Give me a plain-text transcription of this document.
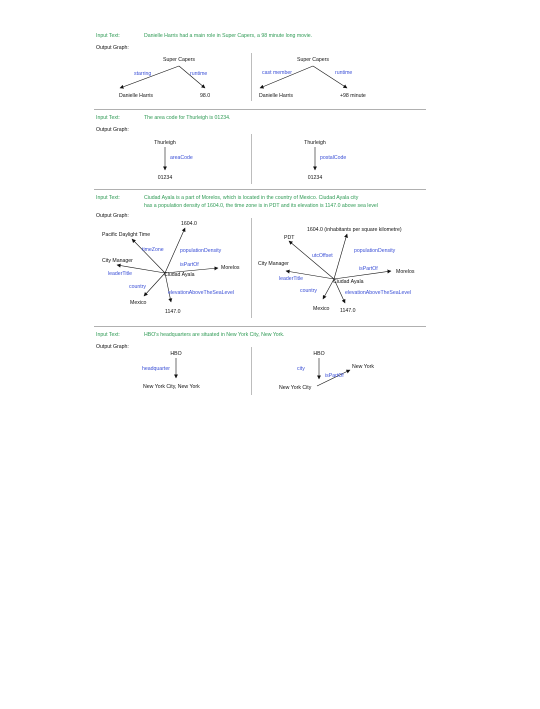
Input Text:	Danielle Harris had a main role in Super Capers, a 98 minute long movie.
Output Graph:
Super Capers
starring	runtime
Danielle Harris	98.0
Super Capers
cast member	runtime
Danielle Harris	+98 minute
Input Text:	The area code for Thurleigh is 01234.
Output Graph:
Thurleigh
areaCode
01234
Thurleigh
postalCode
01234
Input Text:	Ciudad Ayala is a part of Morelos, which is located in the country of Mexico. Ciudad Ayala city
has a population density of 1604.0, the time zone is in PDT and its elevation is 1147.0 above sea level
Output Graph:
Ciudad Ayala
1604.0
Pacific Daylight Time
City Manager
Morelos
Mexico
1147.0
timeZone	populationDensity
isPartOf
leaderTitle
country
elevationAboveTheSeaLevel
Ciudad Ayala
1604.0 (inhabitants per square kilometre)
PDT
City Manager
Morelos
Mexico 1147.0
utcOffset
populationDensity
isPartOf
leaderTitle
country	elevationAboveTheSeaLevel
Input Text:	HBO's headquarters are situated in New York City, New York.
Output Graph:
HBO
headquarter
New York City, New York
HBO
city
isPartOf
New York City
New York
